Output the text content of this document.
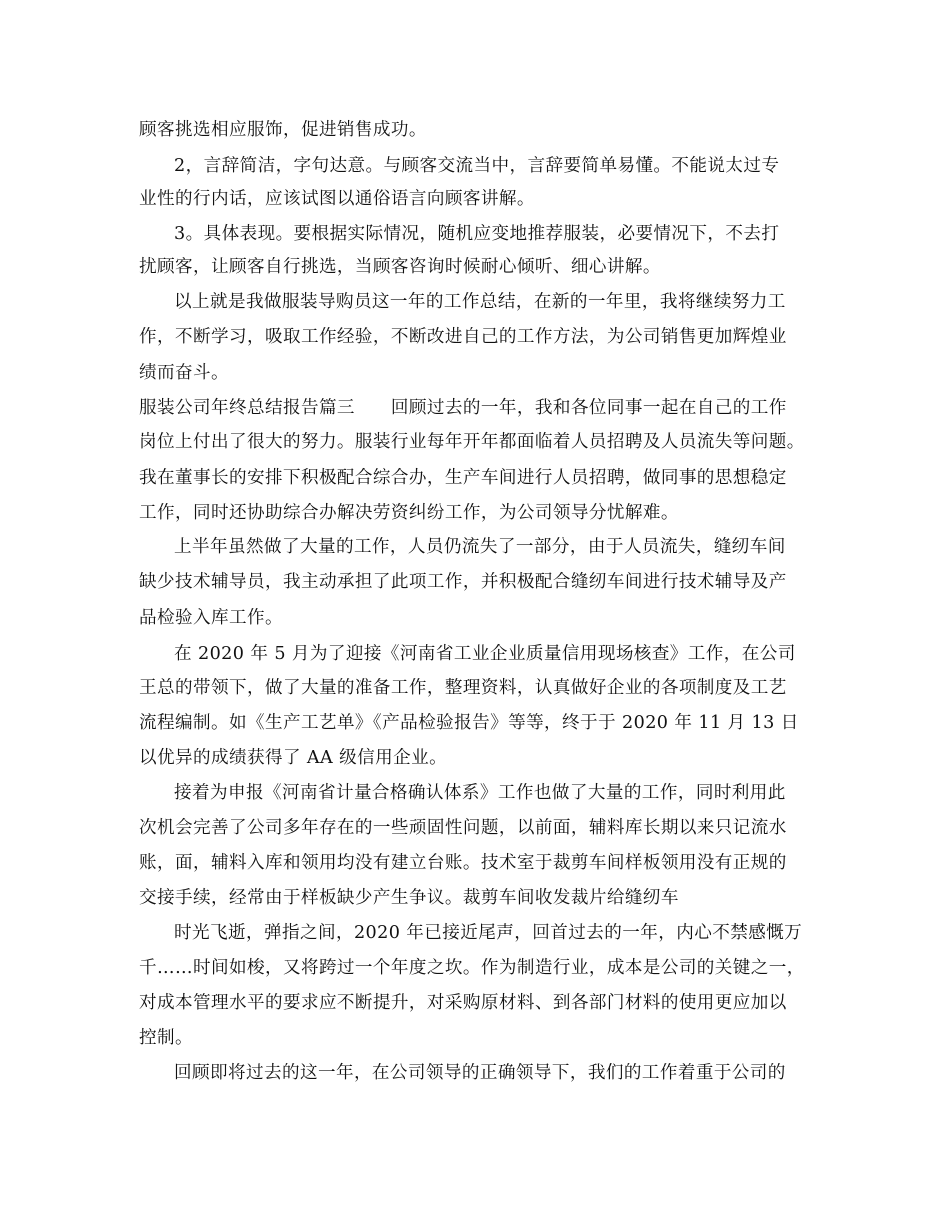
顾客挑选相应服饰，促进销售成功。
2，言辞简洁，字句达意。与顾客交流当中，言辞要简单易懂。不能说太过专
业性的行内话，应该试图以通俗语言向顾客讲解。
3。具体表现。要根据实际情况，随机应变地推荐服装，必要情况下，不去打
扰顾客，让顾客自行挑选，当顾客咨询时候耐心倾听、细心讲解。
以上就是我做服装导购员这一年的工作总结，在新的一年里，我将继续努力工
作，不断学习，吸取工作经验，不断改进自己的工作方法，为公司销售更加辉煌业
绩而奋斗。
服装公司年终总结报告篇三　　回顾过去的一年，我和各位同事一起在自己的工作
岗位上付出了很大的努力。服装行业每年开年都面临着人员招聘及人员流失等问题。
我在董事长的安排下积极配合综合办，生产车间进行人员招聘，做同事的思想稳定
工作，同时还协助综合办解决劳资纠纷工作，为公司领导分忧解难。
上半年虽然做了大量的工作，人员仍流失了一部分，由于人员流失，缝纫车间
缺少技术辅导员，我主动承担了此项工作，并积极配合缝纫车间进行技术辅导及产
品检验入库工作。
在 2020 年 5 月为了迎接《河南省工业企业质量信用现场核查》工作，在公司
王总的带领下，做了大量的准备工作，整理资料，认真做好企业的各项制度及工艺
流程编制。如《生产工艺单》《产品检验报告》等等，终于于 2020 年 11 月 13 日
以优异的成绩获得了 AA 级信用企业。
接着为申报《河南省计量合格确认体系》工作也做了大量的工作，同时利用此
次机会完善了公司多年存在的一些顽固性问题，以前面，辅料库长期以来只记流水
账，面，辅料入库和领用均没有建立台账。技术室于裁剪车间样板领用没有正规的
交接手续，经常由于样板缺少产生争议。裁剪车间收发裁片给缝纫车
时光飞逝，弹指之间，2020 年已接近尾声，回首过去的一年，内心不禁感慨万
千……时间如梭，又将跨过一个年度之坎。作为制造行业，成本是公司的关键之一，
对成本管理水平的要求应不断提升，对采购原材料、到各部门材料的使用更应加以
控制。
回顾即将过去的这一年，在公司领导的正确领导下，我们的工作着重于公司的
